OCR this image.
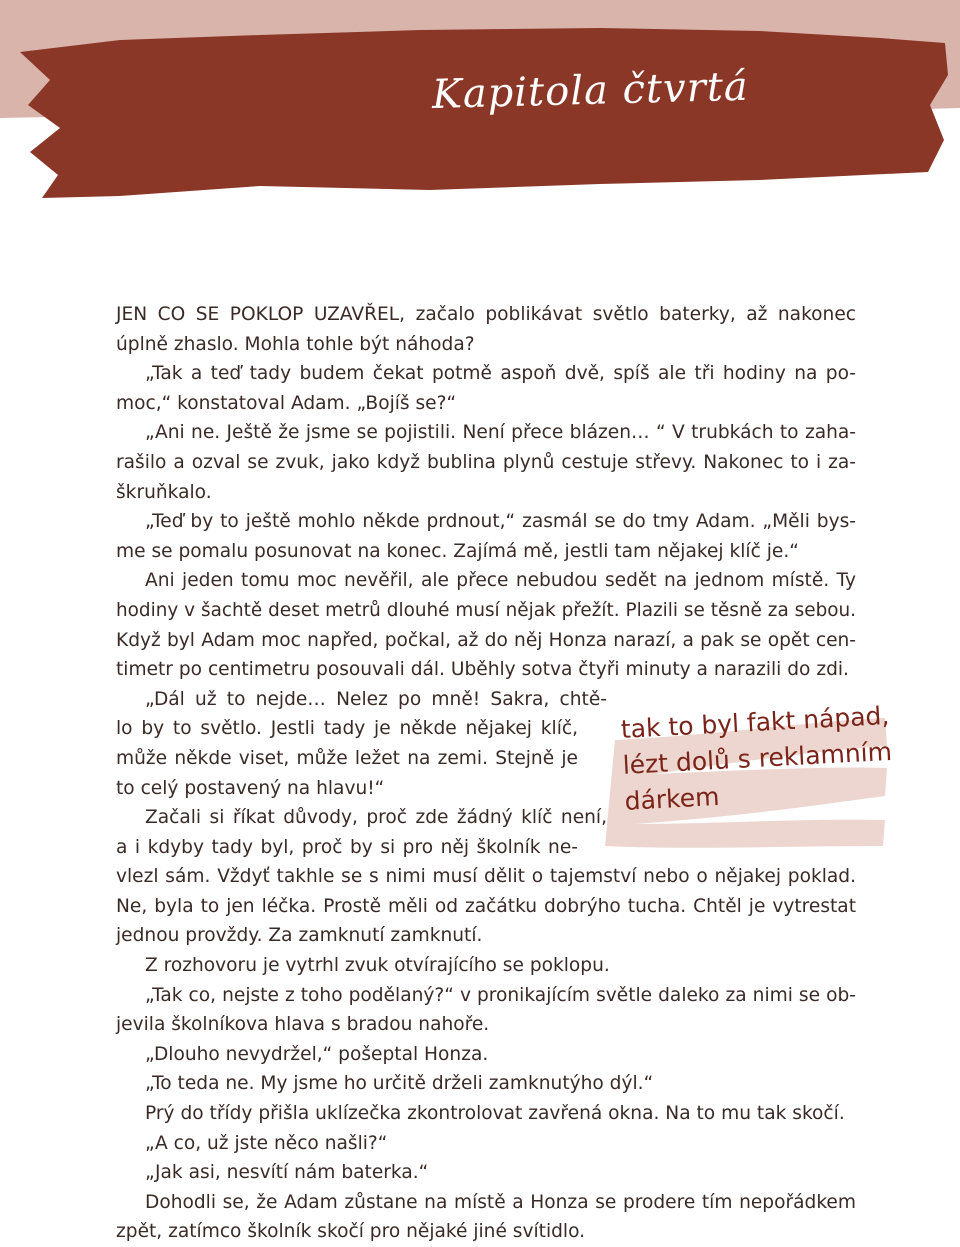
Kapitola čtvrtá
tak to byl fakt nápad,
lézt dolů s reklamním
dárkem
JEN CO SE POKLOP UZAVŘEL, začalo poblikávat světlo baterky, až nakonec
úplně zhaslo. Mohla tohle být náhoda?
„Tak a teď tady budem čekat potmě aspoň dvě, spíš ale tři hodiny na po-
moc,“ konstatoval Adam. „Bojíš se?“
„Ani ne. Ještě že jsme se pojistili. Není přece blázen… “ V trubkách to zaha-
rašilo a ozval se zvuk, jako když bublina plynů cestuje střevy. Nakonec to i za-
škruňkalo.
„Teď by to ještě mohlo někde prdnout,“ zasmál se do tmy Adam. „Měli bys-
me se pomalu posunovat na konec. Zajímá mě, jestli tam nějakej klíč je.“
Ani jeden tomu moc nevěřil, ale přece nebudou sedět na jednom místě. Ty
hodiny v šachtě deset metrů dlouhé musí nějak přežít. Plazili se těsně za sebou.
Když byl Adam moc napřed, počkal, až do něj Honza narazí, a pak se opět cen-
timetr po centimetru posouvali dál. Uběhly sotva čtyři minuty a narazili do zdi.
„Dál už to nejde… Nelez po mně! Sakra, chtě-
lo by to světlo. Jestli tady je někde nějakej klíč,
může někde viset, může ležet na zemi. Stejně je
to celý postavený na hlavu!“
Začali si říkat důvody, proč zde žádný klíč není,
a i kdyby tady byl, proč by si pro něj školník ne-
vlezl sám. Vždyť takhle se s nimi musí dělit o tajemství nebo o nějakej poklad.
Ne, byla to jen léčka. Prostě měli od začátku dobrýho tucha. Chtěl je vytrestat
jednou provždy. Za zamknutí zamknutí.
Z rozhovoru je vytrhl zvuk otvírajícího se poklopu.
„Tak co, nejste z toho podělaný?“ v pronikajícím světle daleko za nimi se ob-
jevila školníkova hlava s bradou nahoře.
„Dlouho nevydržel,“ pošeptal Honza.
„To teda ne. My jsme ho určitě drželi zamknutýho dýl.“
Prý do třídy přišla uklízečka zkontrolovat zavřená okna. Na to mu tak skočí.
„A co, už jste něco našli?“
„Jak asi, nesvítí nám baterka.“
Dohodli se, že Adam zůstane na místě a Honza se prodere tím nepořádkem
zpět, zatímco školník skočí pro nějaké jiné svítidlo.
